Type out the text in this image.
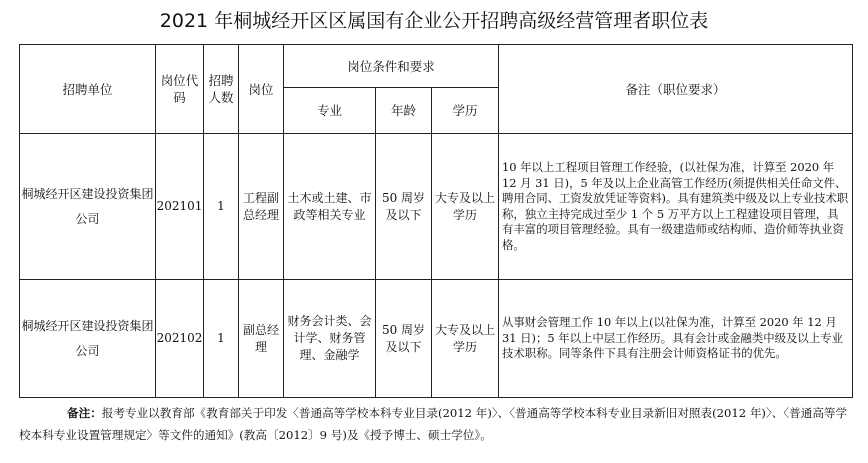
2021 年桐城经开区区属国有企业公开招聘高级经营管理者职位表
招聘单位	岗位代码	招聘人数	岗位	岗位条件和要求			备注（职位要求）
				专业	年龄	学历	
桐城经开区建设投资集团公司	202101	1	工程副总经理	土木或土建、市政等相关专业	50 周岁及以下	大专及以上学历	10 年以上工程项目管理工作经验，(以社保为准，计算至 2020 年 12 月 31 日)，5 年及以上企业高管工作经历(须提供相关任命文件、聘用合同、工资发放凭证等资料)。具有建筑类中级及以上专业技术职称，独立主持完成过至少 1 个 5 万平方以上工程建设项目管理，具有丰富的项目管理经验。具有一级建造师或结构师、造价师等执业资格。
桐城经开区建设投资集团公司	202102	1	副总经理	财务会计类、会计学、财务管理、金融学	50 周岁及以下	大专及以上学历	从事财会管理工作 10 年以上(以社保为准，计算至 2020 年 12 月 31 日)；5 年以上中层工作经历。具有会计或金融类中级及以上专业技术职称。同等条件下具有注册会计师资格证书的优先。
备注：报考专业以教育部《教育部关于印发〈普通高等学校本科专业目录(2012 年)〉、〈普通高等学校本科专业目录新旧对照表(2012 年)〉、〈普通高等学校本科专业设置管理规定〉等文件的通知》(教高〔2012〕9 号)及《授予博士、硕士学位》。
